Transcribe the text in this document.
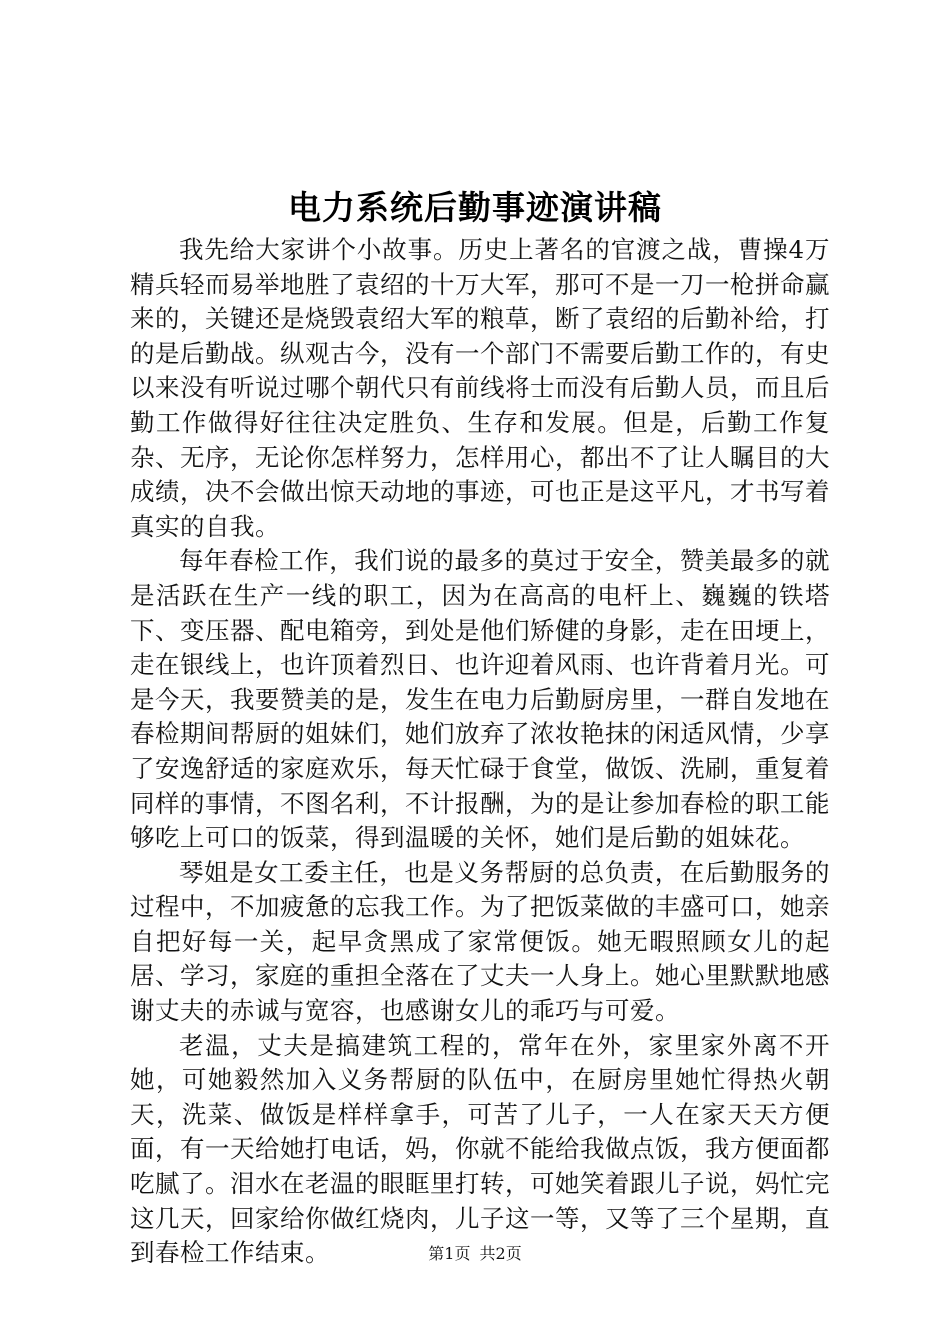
电力系统后勤事迹演讲稿

我先给大家讲个小故事。历史上著名的官渡之战，曹操4万精兵轻而易举地胜了袁绍的十万大军，那可不是一刀一枪拼命赢来的，关键还是烧毁袁绍大军的粮草，断了袁绍的后勤补给，打的是后勤战。纵观古今，没有一个部门不需要后勤工作的，有史以来没有听说过哪个朝代只有前线将士而没有后勤人员，而且后勤工作做得好往往决定胜负、生存和发展。但是，后勤工作复杂、无序，无论你怎样努力，怎样用心，都出不了让人瞩目的大成绩，决不会做出惊天动地的事迹，可也正是这平凡，才书写着真实的自我。

每年春检工作，我们说的最多的莫过于安全，赞美最多的就是活跃在生产一线的职工，因为在高高的电杆上、巍巍的铁塔下、变压器、配电箱旁，到处是他们矫健的身影，走在田埂上，走在银线上，也许顶着烈日、也许迎着风雨、也许背着月光。可是今天，我要赞美的是，发生在电力后勤厨房里，一群自发地在春检期间帮厨的姐妹们，她们放弃了浓妆艳抹的闲适风情，少享了安逸舒适的家庭欢乐，每天忙碌于食堂，做饭、洗刷，重复着同样的事情，不图名利，不计报酬，为的是让参加春检的职工能够吃上可口的饭菜，得到温暖的关怀，她们是后勤的姐妹花。

琴姐是女工委主任，也是义务帮厨的总负责，在后勤服务的过程中，不加疲惫的忘我工作。为了把饭菜做的丰盛可口，她亲自把好每一关，起早贪黑成了家常便饭。她无暇照顾女儿的起居、学习，家庭的重担全落在了丈夫一人身上。她心里默默地感谢丈夫的赤诚与宽容，也感谢女儿的乖巧与可爱。

老温，丈夫是搞建筑工程的，常年在外，家里家外离不开她，可她毅然加入义务帮厨的队伍中，在厨房里她忙得热火朝天，洗菜、做饭是样样拿手，可苦了儿子，一人在家天天方便面，有一天给她打电话，妈，你就不能给我做点饭，我方便面都吃腻了。泪水在老温的眼眶里打转，可她笑着跟儿子说，妈忙完这几天，回家给你做红烧肉，儿子这一等，又等了三个星期，直到春检工作结束。	第1页 共2页
